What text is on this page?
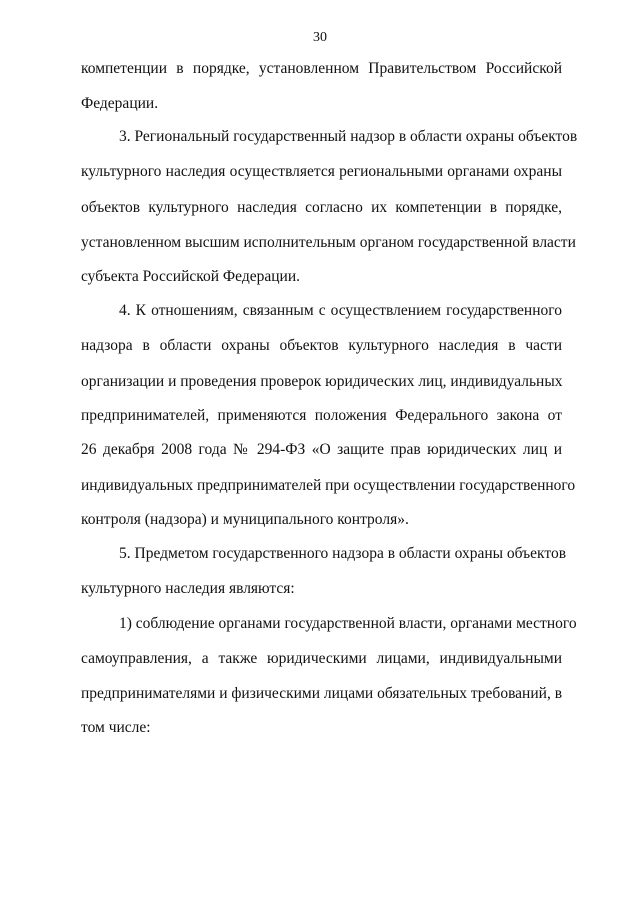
30
компетенции в порядке, установленном Правительством Российской
Федерации.
3. Региональный государственный надзор в области охраны объектов
культурного наследия осуществляется региональными органами охраны
объектов культурного наследия согласно их компетенции в порядке,
установленном высшим исполнительным органом государственной власти
субъекта Российской Федерации.
4. К отношениям, связанным с осуществлением государственного
надзора в области охраны объектов культурного наследия в части
организации и проведения проверок юридических лиц, индивидуальных
предпринимателей, применяются положения Федерального закона от
26 декабря 2008 года № 294-ФЗ «О защите прав юридических лиц и
индивидуальных предпринимателей при осуществлении государственного
контроля (надзора) и муниципального контроля».
5. Предметом государственного надзора в области охраны объектов
культурного наследия являются:
1) соблюдение органами государственной власти, органами местного
самоуправления, а также юридическими лицами, индивидуальными
предпринимателями и физическими лицами обязательных требований, в
том числе:
